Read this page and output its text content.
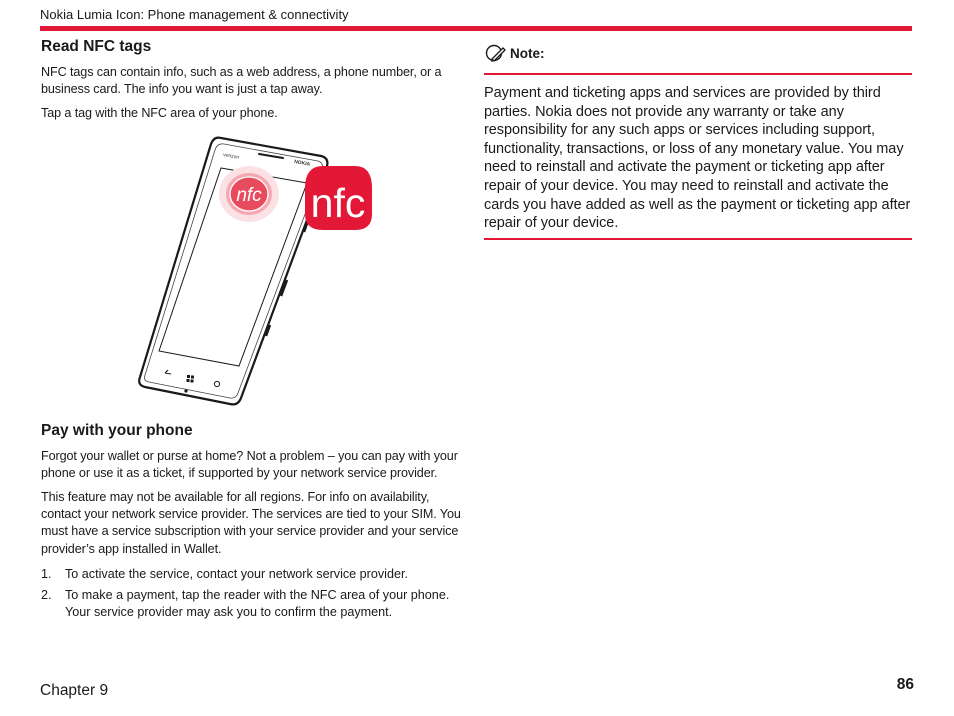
Nokia Lumia Icon: Phone management & connectivity
Read NFC tags

NFC tags can contain info, such as a web address, a phone number, or a business card. The info you want is just a tap away.

Tap a tag with the NFC area of your phone.

verizon
NOKIA
nfc nfc
Pay with your phone

Forgot your wallet or purse at home? Not a problem – you can pay with your phone or use it as a ticket, if supported by your network service provider.

This feature may not be available for all regions. For info on availability, contact your network service provider. The services are tied to your SIM. You must have a service subscription with your service provider and your service provider’s app installed in Wallet.

1. To activate the service, contact your network service provider.
2. To make a payment, tap the reader with the NFC area of your phone. Your service provider may ask you to confirm the payment.
Note:

Payment and ticketing apps and services are provided by third parties. Nokia does not provide any warranty or take any responsibility for any such apps or services including support, functionality, transactions, or loss of any monetary value. You may need to reinstall and activate the payment or ticketing app after repair of your device. You may need to reinstall and activate the cards you have added as well as the payment or ticketing app after repair of your device.

Chapter 9	86
